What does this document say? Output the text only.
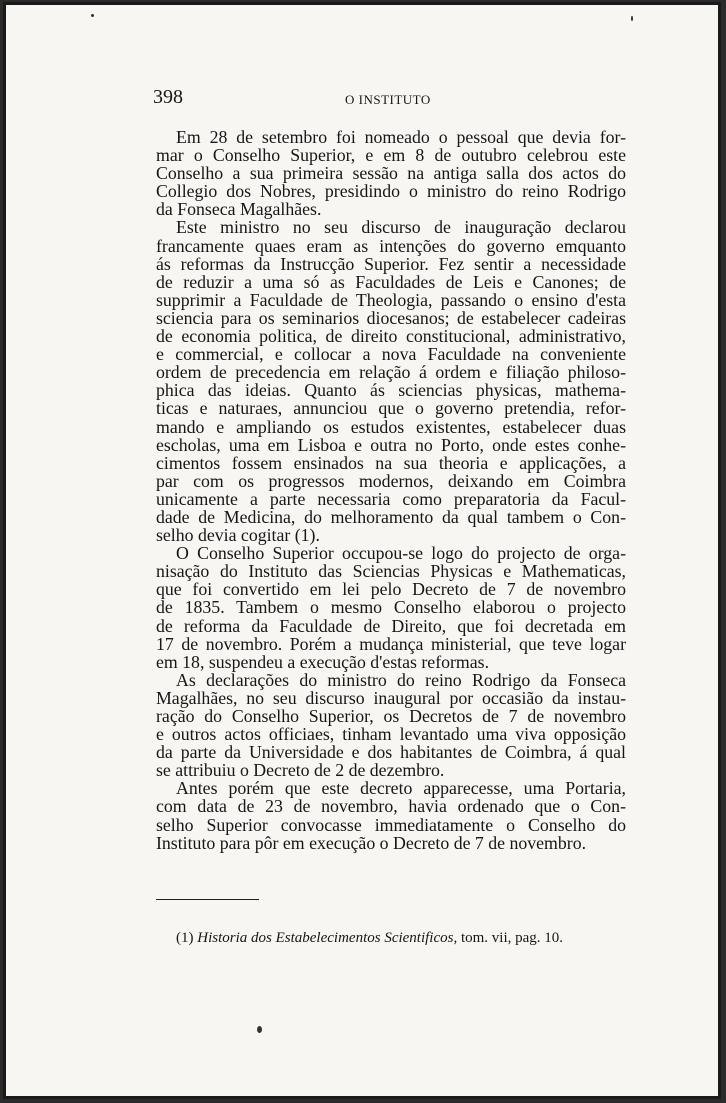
398	O INSTITUTO

Em 28 de setembro foi nomeado o pessoal que devia for-
mar o Conselho Superior, e em 8 de outubro celebrou este
Conselho a sua primeira sessão na antiga salla dos actos do
Collegio dos Nobres, presidindo o ministro do reino Rodrigo
da Fonseca Magalhães.

Este ministro no seu discurso de inauguração declarou
francamente quaes eram as intenções do governo emquanto
ás reformas da Instrucção Superior. Fez sentir a necessidade
de reduzir a uma só as Faculdades de Leis e Canones; de
supprimir a Faculdade de Theologia, passando o ensino d'esta
sciencia para os seminarios diocesanos; de estabelecer cadeiras
de economia politica, de direito constitucional, administrativo,
e commercial, e collocar a nova Faculdade na conveniente
ordem de precedencia em relação á ordem e filiação philoso-
phica das ideias. Quanto ás sciencias physicas, mathema-
ticas e naturaes, annunciou que o governo pretendia, refor-
mando e ampliando os estudos existentes, estabelecer duas
escholas, uma em Lisboa e outra no Porto, onde estes conhe-
cimentos fossem ensinados na sua theoria e applicações, a
par com os progressos modernos, deixando em Coimbra
unicamente a parte necessaria como preparatoria da Facul-
dade de Medicina, do melhoramento da qual tambem o Con-
selho devia cogitar (1).

O Conselho Superior occupou-se logo do projecto de orga-
nisação do Instituto das Sciencias Physicas e Mathematicas,
que foi convertido em lei pelo Decreto de 7 de novembro
de 1835. Tambem o mesmo Conselho elaborou o projecto
de reforma da Faculdade de Direito, que foi decretada em
17 de novembro. Porém a mudança ministerial, que teve logar
em 18, suspendeu a execução d'estas reformas.

As declarações do ministro do reino Rodrigo da Fonseca
Magalhães, no seu discurso inaugural por occasião da instau-
ração do Conselho Superior, os Decretos de 7 de novembro
e outros actos officiaes, tinham levantado uma viva opposição
da parte da Universidade e dos habitantes de Coimbra, á qual
se attribuiu o Decreto de 2 de dezembro.

Antes porém que este decreto apparecesse, uma Portaria,
com data de 23 de novembro, havia ordenado que o Con-
selho Superior convocasse immediatamente o Conselho do
Instituto para pôr em execução o Decreto de 7 de novembro.

(1) Historia dos Estabelecimentos Scientificos, tom. vii, pag. 10.
